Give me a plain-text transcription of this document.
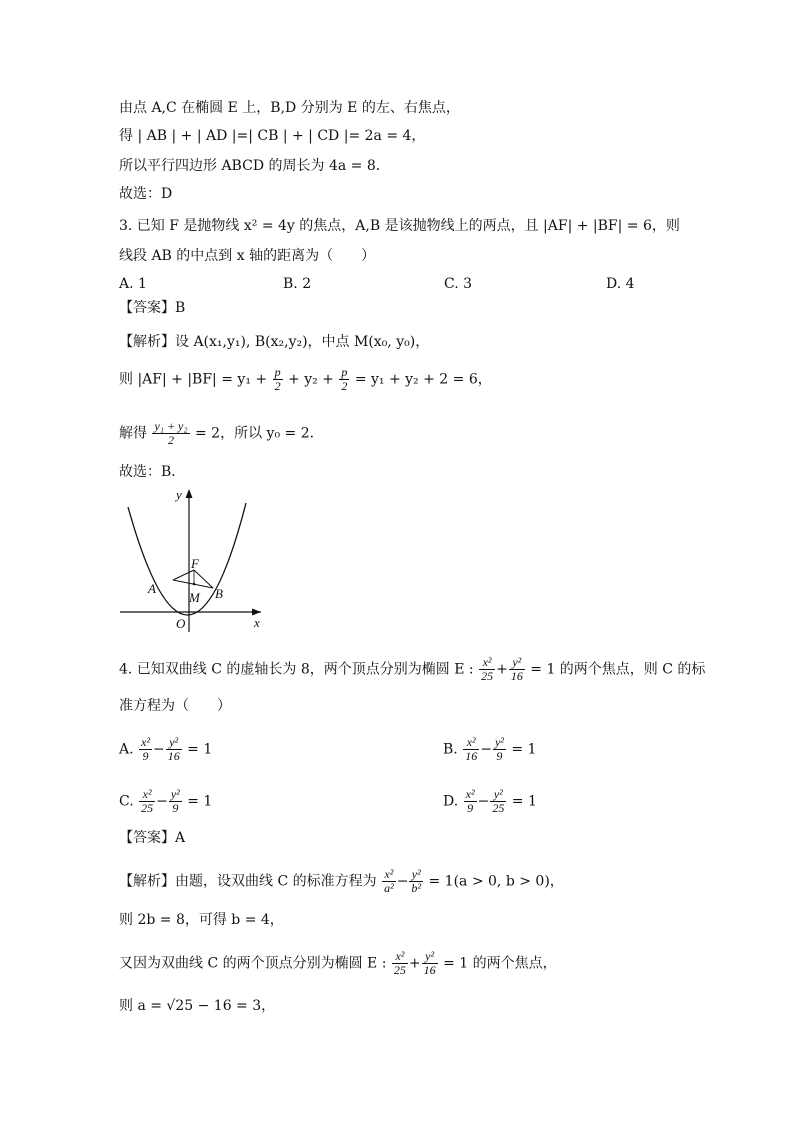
由点 A,C 在椭圆 E 上，B,D 分别为 E 的左、右焦点，
得 | AB | + | AD |=| CB | + | CD |= 2a = 4，
所以平行四边形 ABCD 的周长为 4a = 8．
故选：D
3. 已知 F 是抛物线 x² = 4y 的焦点，A,B 是该抛物线上的两点，且 |AF| + |BF| = 6，则
线段 AB 的中点到 x 轴的距离为（　　）
A. 1	B. 2	C. 3	D. 4
【答案】B
【解析】设 A(x₁,y₁), B(x₂,y₂)，中点 M(x₀, y₀)，
则 $|AF| + |BF| = y_1 + \frac{p}{2} + y_2 + \frac{p}{2} = y_1 + y_2 + 2 = 6$，
解得 $\frac{\text{y₁ + y₂}}{2} = 2$，所以 y₀ = 2．
故选：B．
y
x
O
F
A	B
M
4. 已知双曲线 C 的虚轴长为 8，两个顶点分别为椭圆 E : $\frac{\text{x²}}{25} + \frac{\text{y²}}{16} = 1$ 的两个焦点，则 C 的标
准方程为（　　）
A. $\frac{\text{x²}}{9} - \frac{\text{y²}}{16} = 1$	B. $\frac{\text{x²}}{16} - \frac{\text{y²}}{9} = 1$
C. $\frac{\text{x²}}{25} - \frac{\text{y²}}{9} = 1$	D. $\frac{\text{x²}}{9} - \frac{\text{y²}}{25} = 1$
【答案】A
【解析】由题，设双曲线 C 的标准方程为 $\frac{\text{x²}}{\text{a²}} - \frac{\text{y²}}{\text{b²}} = 1(a > 0$, b > 0)，
则 2b = 8，可得 b = 4，
又因为双曲线 C 的两个顶点分别为椭圆 E : $\frac{\text{x²}}{25} + \frac{\text{y²}}{16} = 1$ 的两个焦点，
则 a = √25 − 16 = 3，
